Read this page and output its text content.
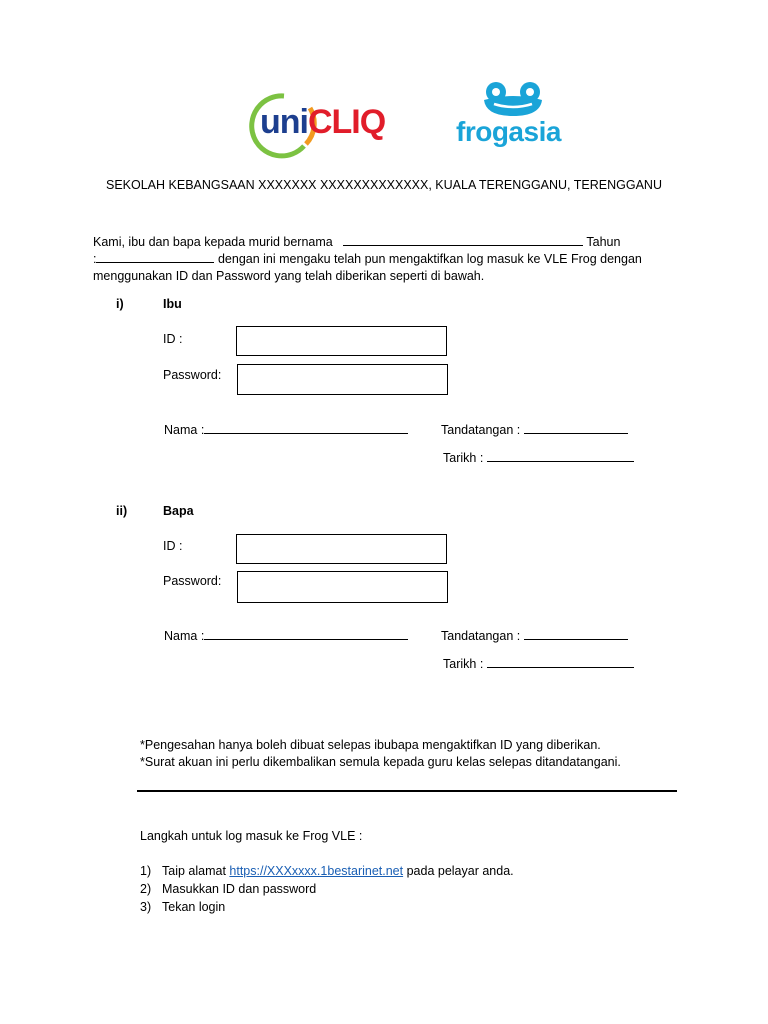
uniCLIQ	frogasia
SEKOLAH KEBANGSAAN XXXXXXX XXXXXXXXXXXXX, KUALA TERENGGANU, TERENGGANU
Kami, ibu dan bapa kepada murid bernama	Tahun
:	dengan ini mengaku telah pun mengaktifkan log masuk ke VLE Frog dengan
menggunakan ID dan Password yang telah diberikan seperti di bawah.
i)	Ibu
ID :
Password:
Nama :	Tandatangan :
Tarikh :
ii)	Bapa
ID :
Password:
Nama :	Tandatangan :
Tarikh :
*Pengesahan hanya boleh dibuat selepas ibubapa mengaktifkan ID yang diberikan.
*Surat akuan ini perlu dikembalikan semula kepada guru kelas selepas ditandatangani.
Langkah untuk log masuk ke Frog VLE :
1) Taip alamat https://XXXxxxx.1bestarinet.net pada pelayar anda.
2) Masukkan ID dan password
3) Tekan login
